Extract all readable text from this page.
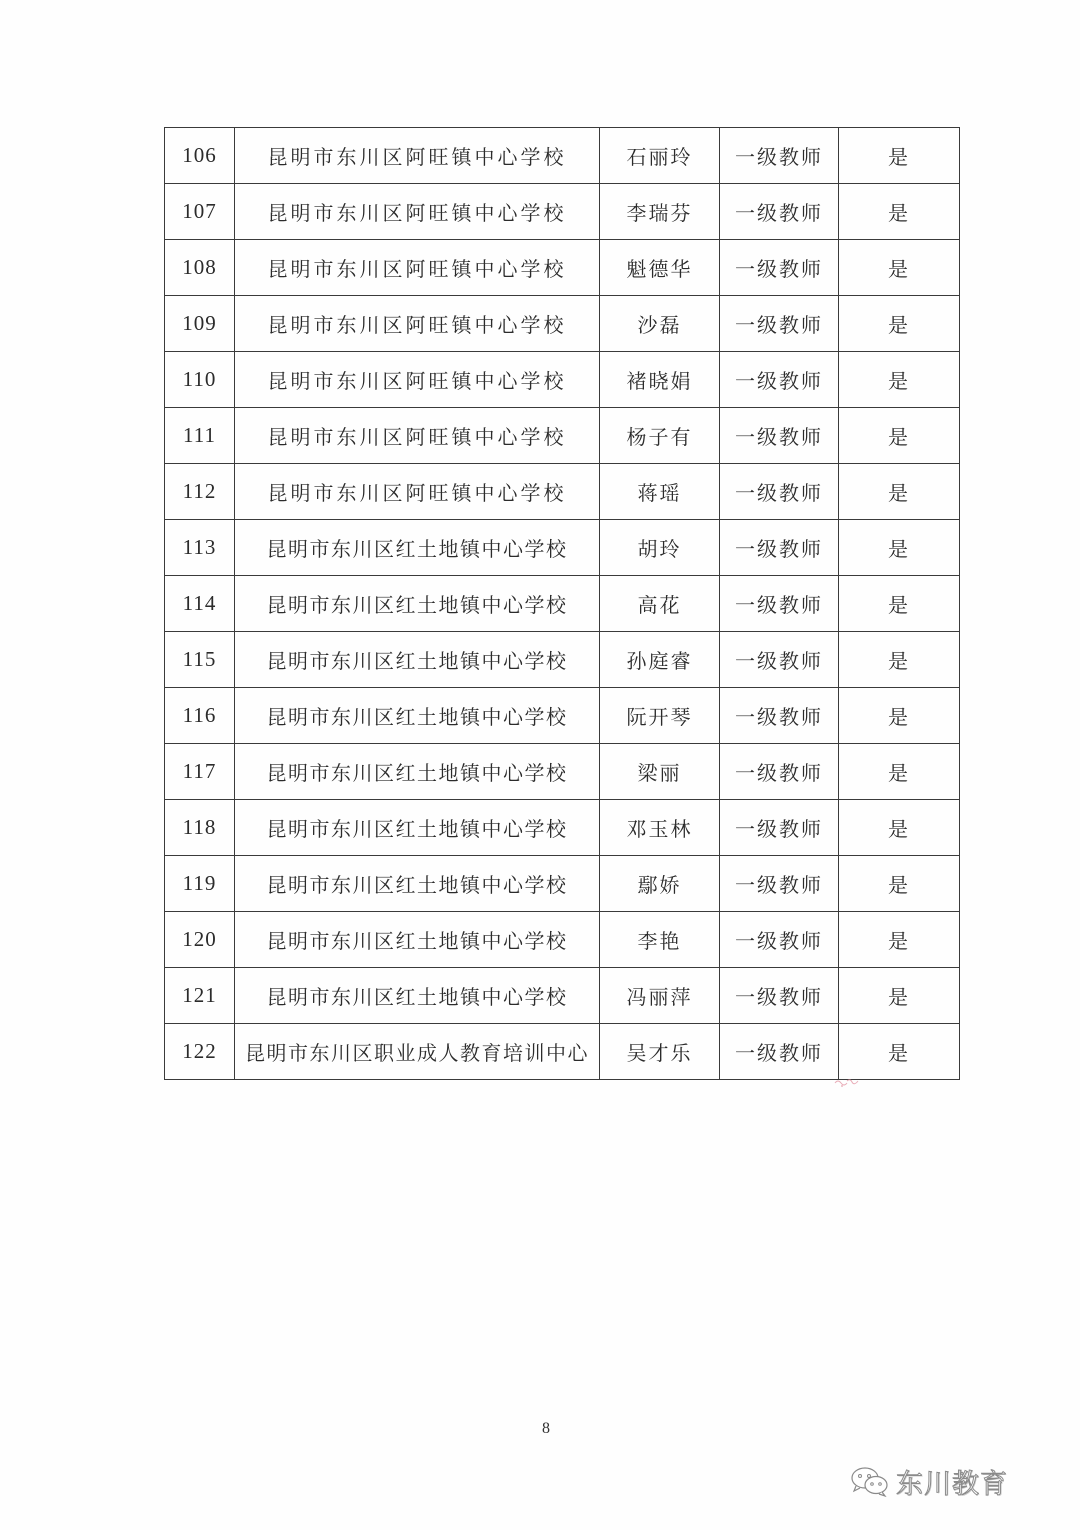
106	昆明市东川区阿旺镇中心学校	石丽玲	一级教师	是
107	昆明市东川区阿旺镇中心学校	李瑞芬	一级教师	是
108	昆明市东川区阿旺镇中心学校	魁德华	一级教师	是
109	昆明市东川区阿旺镇中心学校	沙磊	一级教师	是
110	昆明市东川区阿旺镇中心学校	褚晓娟	一级教师	是
111	昆明市东川区阿旺镇中心学校	杨子有	一级教师	是
112	昆明市东川区阿旺镇中心学校	蒋瑶	一级教师	是
113	昆明市东川区红土地镇中心学校	胡玲	一级教师	是
114	昆明市东川区红土地镇中心学校	高花	一级教师	是
115	昆明市东川区红土地镇中心学校	孙庭睿	一级教师	是
116	昆明市东川区红土地镇中心学校	阮开琴	一级教师	是
117	昆明市东川区红土地镇中心学校	梁丽	一级教师	是
118	昆明市东川区红土地镇中心学校	邓玉林	一级教师	是
119	昆明市东川区红土地镇中心学校	鄢娇	一级教师	是
120	昆明市东川区红土地镇中心学校	李艳	一级教师	是
121	昆明市东川区红土地镇中心学校	冯丽萍	一级教师	是
122	昆明市东川区职业成人教育培训中心	吴才乐	一级教师	是
8
东川教育
